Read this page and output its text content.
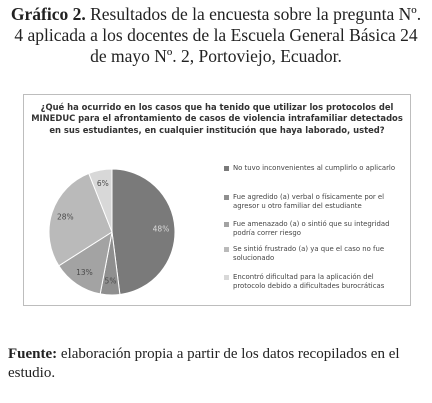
Gráfico 2. Resultados de la encuesta sobre la pregunta Nº. 4 aplicada a los docentes de la Escuela General Básica 24 de mayo Nº. 2, Portoviejo, Ecuador.
¿Qué ha ocurrido en los casos que ha tenido que utilizar los protocolos del MINEDUC para el afrontamiento de casos de violencia intrafamiliar detectados en sus estudiantes, en cualquier institución que haya laborado, usted?
48%
5%
13%
28%
6%
No tuvo inconvenientes al cumplirlo o aplicarlo
Fue agredido (a) verbal o físicamente por el agresor u otro familiar del estudiante
Fue amenazado (a) o sintió que su integridad podría correr riesgo
Se sintió frustrado (a) ya que el caso no fue solucionado
Encontró dificultad para la aplicación del protocolo debido a dificultades burocráticas
Fuente: elaboración propia a partir de los datos recopilados en el estudio.
